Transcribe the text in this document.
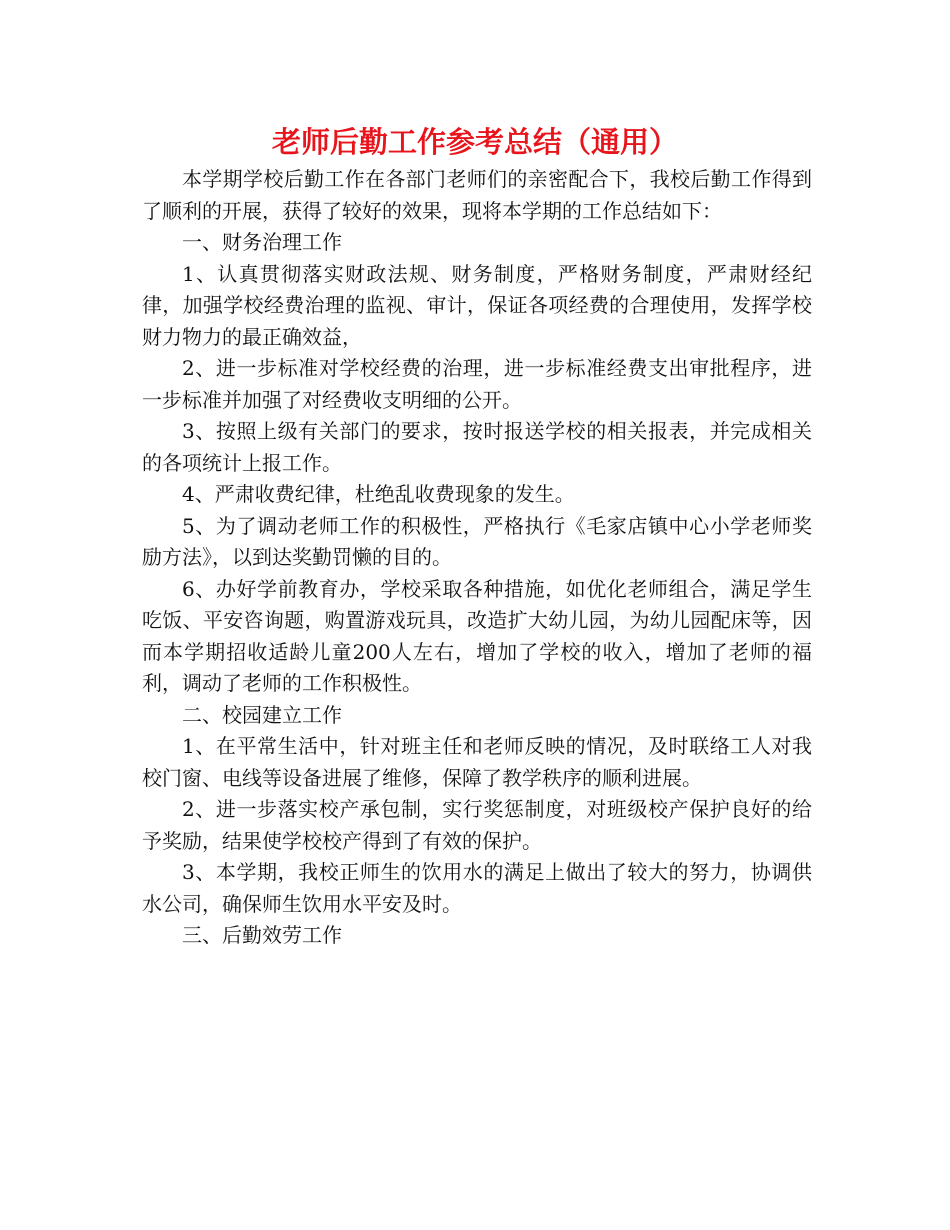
老师后勤工作参考总结（通用）

本学期学校后勤工作在各部门老师们的亲密配合下，我校后勤工作得到了顺利的开展，获得了较好的效果，现将本学期的工作总结如下：

一、财务治理工作

1、认真贯彻落实财政法规、财务制度，严格财务制度，严肃财经纪律，加强学校经费治理的监视、审计，保证各项经费的合理使用，发挥学校财力物力的最正确效益，

2、进一步标准对学校经费的治理，进一步标准经费支出审批程序，进一步标准并加强了对经费收支明细的公开。

3、按照上级有关部门的要求，按时报送学校的相关报表，并完成相关的各项统计上报工作。

4、严肃收费纪律，杜绝乱收费现象的发生。

5、为了调动老师工作的积极性，严格执行《毛家店镇中心小学老师奖励方法》，以到达奖勤罚懒的目的。

6、办好学前教育办，学校采取各种措施，如优化老师组合，满足学生吃饭、平安咨询题，购置游戏玩具，改造扩大幼儿园，为幼儿园配床等，因而本学期招收适龄儿童200人左右，增加了学校的收入，增加了老师的福利，调动了老师的工作积极性。

二、校园建立工作

1、在平常生活中，针对班主任和老师反映的情况，及时联络工人对我校门窗、电线等设备进展了维修，保障了教学秩序的顺利进展。

2、进一步落实校产承包制，实行奖惩制度，对班级校产保护良好的给予奖励，结果使学校校产得到了有效的保护。

3、本学期，我校正师生的饮用水的满足上做出了较大的努力，协调供水公司，确保师生饮用水平安及时。

三、后勤效劳工作
